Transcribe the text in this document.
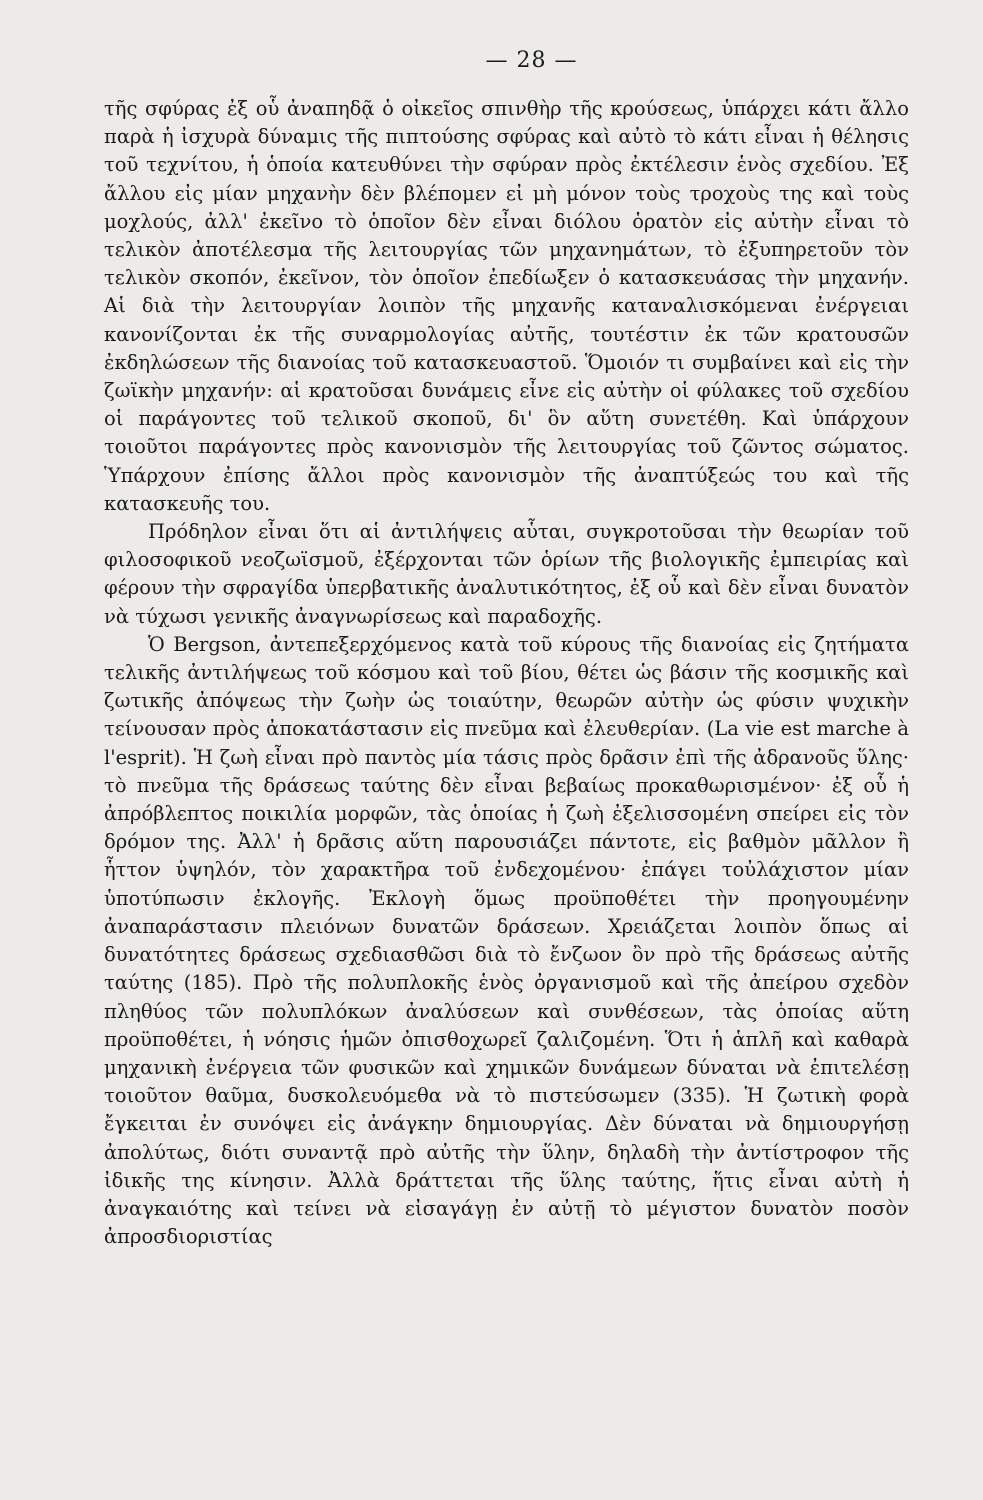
— 28 —

τῆς σφύρας ἐξ οὗ ἀναπηδᾷ ὁ οἰκεῖος σπινθὴρ τῆς κρούσεως, ὑπάρχει κάτι ἄλλο παρὰ ἡ ἰσχυρὰ δύναμις τῆς πιπτούσης σφύρας καὶ αὐτὸ τὸ κάτι εἶναι ἡ θέλησις τοῦ τεχνίτου, ἡ ὁποία κατευθύνει τὴν σφύραν πρὸς ἐκτέλεσιν ἑνὸς σχεδίου. Ἐξ ἄλλου εἰς μίαν μηχανὴν δὲν βλέπομεν εἰ μὴ μόνον τοὺς τροχοὺς της καὶ τοὺς μοχλούς, ἀλλ' ἐκεῖνο τὸ ὁποῖον δὲν εἶναι διόλου ὁρατὸν εἰς αὐτὴν εἶναι τὸ τελικὸν ἀποτέλεσμα τῆς λειτουργίας τῶν μηχανημάτων, τὸ ἐξυπηρετοῦν τὸν τελικὸν σκοπόν, ἐκεῖνον, τὸν ὁποῖον ἐπεδίωξεν ὁ κατασκευάσας τὴν μηχανήν. Αἱ διὰ τὴν λειτουργίαν λοιπὸν τῆς μηχανῆς καταναλισκόμεναι ἐνέργειαι κανονίζονται ἐκ τῆς συναρμολογίας αὐτῆς, τουτέστιν ἐκ τῶν κρατουσῶν ἐκδηλώσεων τῆς διανοίας τοῦ κατασκευαστοῦ. Ὅμοιόν τι συμβαίνει καὶ εἰς τὴν ζωϊκὴν μηχανήν: αἱ κρατοῦσαι δυνάμεις εἶνε εἰς αὐτὴν οἱ φύλακες τοῦ σχεδίου οἱ παράγοντες τοῦ τελικοῦ σκοποῦ, δι' ὃν αὕτη συνετέθη. Καὶ ὑπάρχουν τοιοῦτοι παράγοντες πρὸς κανονισμὸν τῆς λειτουργίας τοῦ ζῶντος σώματος. Ὑπάρχουν ἐπίσης ἄλλοι πρὸς κανονισμὸν τῆς ἀναπτύξεώς του καὶ τῆς κατασκευῆς του.

Πρόδηλον εἶναι ὅτι αἱ ἀντιλήψεις αὗται, συγκροτοῦσαι τὴν θεωρίαν τοῦ φιλοσοφικοῦ νεοζωϊσμοῦ, ἐξέρχονται τῶν ὁρίων τῆς βιολογικῆς ἐμπειρίας καὶ φέρουν τὴν σφραγίδα ὑπερβατικῆς ἀναλυτικότητος, ἐξ οὗ καὶ δὲν εἶναι δυνατὸν νὰ τύχωσι γενικῆς ἀναγνωρίσεως καὶ παραδοχῆς.

Ὁ Bergson, ἀντεπεξερχόμενος κατὰ τοῦ κύρους τῆς διανοίας εἰς ζητήματα τελικῆς ἀντιλήψεως τοῦ κόσμου καὶ τοῦ βίου, θέτει ὡς βάσιν τῆς κοσμικῆς καὶ ζωτικῆς ἀπόψεως τὴν ζωὴν ὡς τοιαύτην, θεωρῶν αὐτὴν ὡς φύσιν ψυχικὴν τείνουσαν πρὸς ἀποκατάστασιν εἰς πνεῦμα καὶ ἐλευθερίαν. (La vie est marche à l'esprit). Ἡ ζωὴ εἶναι πρὸ παντὸς μία τάσις πρὸς δρᾶσιν ἐπὶ τῆς ἀδρανοῦς ὕλης· τὸ πνεῦμα τῆς δράσεως ταύτης δὲν εἶναι βεβαίως προκαθωρισμένον· ἐξ οὗ ἡ ἀπρόβλεπτος ποικιλία μορφῶν, τὰς ὁποίας ἡ ζωὴ ἐξελισσομένη σπείρει εἰς τὸν δρόμον της. Ἀλλ' ἡ δρᾶσις αὕτη παρουσιάζει πάντοτε, εἰς βαθμὸν μᾶλλον ἢ ἧττον ὑψηλόν, τὸν χαρακτῆρα τοῦ ἐνδεχομένου· ἐπάγει τοὐλάχιστον μίαν ὑποτύπωσιν ἐκλογῆς. Ἐκλογὴ ὅμως προϋποθέτει τὴν προηγουμένην ἀναπαράστασιν πλειόνων δυνατῶν δράσεων. Χρειάζεται λοιπὸν ὅπως αἱ δυνατότητες δράσεως σχεδιασθῶσι διὰ τὸ ἔνζωον ὂν πρὸ τῆς δράσεως αὐτῆς ταύτης (185). Πρὸ τῆς πολυπλοκῆς ἑνὸς ὀργανισμοῦ καὶ τῆς ἀπείρου σχεδὸν πληθύος τῶν πολυπλόκων ἀναλύσεων καὶ συνθέσεων, τὰς ὁποίας αὕτη προϋποθέτει, ἡ νόησις ἡμῶν ὀπισθοχωρεῖ ζαλιζομένη. Ὅτι ἡ ἁπλῆ καὶ καθαρὰ μηχανικὴ ἐνέργεια τῶν φυσικῶν καὶ χημικῶν δυνάμεων δύναται νὰ ἐπιτελέσῃ τοιοῦτον θαῦμα, δυσκολευόμεθα νὰ τὸ πιστεύσωμεν (335). Ἡ ζωτικὴ φορὰ ἔγκειται ἐν συνόψει εἰς ἀνάγκην δημιουργίας. Δὲν δύναται νὰ δημιουργήσῃ ἀπολύτως, διότι συναντᾷ πρὸ αὐτῆς τὴν ὕλην, δηλαδὴ τὴν ἀντίστροφον τῆς ἰδικῆς της κίνησιν. Ἀλλὰ δράττεται τῆς ὕλης ταύτης, ἥτις εἶναι αὐτὴ ἡ ἀναγκαιότης καὶ τείνει νὰ εἰσαγάγῃ ἐν αὐτῇ τὸ μέγιστον δυνατὸν ποσὸν ἀπροσδιοριστίας
